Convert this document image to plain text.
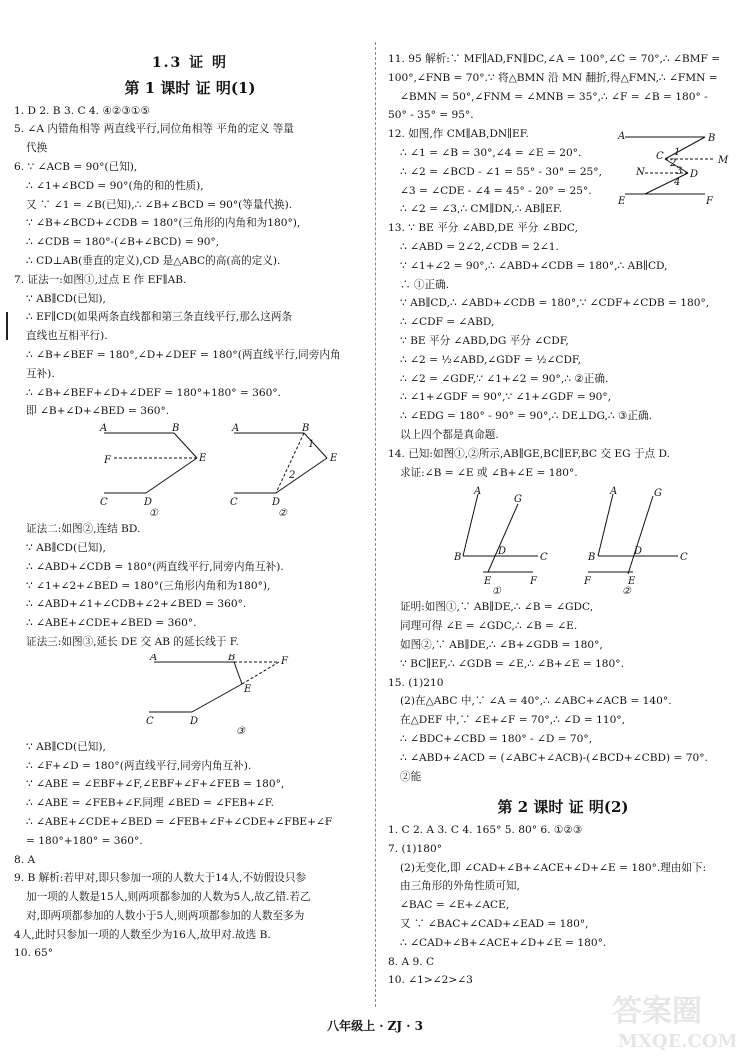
1.3 证 明
第 1 课时 证 明(1)
1. D 2. B 3. C 4. ④②③①⑤
5. ∠A 内错角相等 两直线平行,同位角相等 平角的定义 等量
代换
6. ∵ ∠ACB = 90°(已知),
∴ ∠1+∠BCD = 90°(角的和的性质),
又 ∵ ∠1 = ∠B(已知),∴ ∠B+∠BCD = 90°(等量代换).
∵ ∠B+∠BCD+∠CDB = 180°(三角形的内角和为180°),
∴ ∠CDB = 180°-(∠B+∠BCD) = 90°,
∴ CD⊥AB(垂直的定义),CD 是△ABC的高(高的定义).
7. 证法一:如图①,过点 E 作 EF∥AB.
∵ AB∥CD(已知),
∴ EF∥CD(如果两条直线都和第三条直线平行,那么这两条
直线也互相平行).
∴ ∠B+∠BEF = 180°,∠D+∠DEF = 180°(两直线平行,同旁内角
互补).
∴ ∠B+∠BEF+∠D+∠DEF = 180°+180° = 360°.
即 ∠B+∠D+∠BED = 360°.
A	B
E
F
C	D
①
A	B
E
C	D
1
2
②
证法二:如图②,连结 BD.
∵ AB∥CD(已知),
∴ ∠ABD+∠CDB = 180°(两直线平行,同旁内角互补).
∵ ∠1+∠2+∠BED = 180°(三角形内角和为180°),
∴ ∠ABD+∠1+∠CDB+∠2+∠BED = 360°.
∴ ∠ABE+∠CDE+∠BED = 360°.
证法三:如图③,延长 DE 交 AB 的延长线于 F.
A	B	F
E
C	D
③
∵ AB∥CD(已知),
∴ ∠F+∠D = 180°(两直线平行,同旁内角互补).
∵ ∠ABE = ∠EBF+∠F,∠EBF+∠F+∠FEB = 180°,
∴ ∠ABE = ∠FEB+∠F.同理 ∠BED = ∠FEB+∠F.
∴ ∠ABE+∠CDE+∠BED = ∠FEB+∠F+∠CDE+∠FBE+∠F
= 180°+180° = 360°.
8. A
9. B 解析:若甲对,即只参加一项的人数大于14人,不妨假设只参
加一项的人数是15人,则两项都参加的人数为5人,故乙错.若乙
对,即两项都参加的人数小于5人,则两项都参加的人数至多为
4人,此时只参加一项的人数至少为16人,故甲对.故选 B.
10. 65°
11. 95 解析:∵ MF∥AD,FN∥DC,∠A = 100°,∠C = 70°,∴ ∠BMF =
100°,∠FNB = 70°.∵ 将△BMN 沿 MN 翻折,得△FMN,∴ ∠FMN =
∠BMN = 50°,∠FNM = ∠MNB = 35°,∴ ∠F = ∠B = 180° -
50° - 35° = 95°.
12. 如图,作 CM∥AB,DN∥EF.
∴ ∠1 = ∠B = 30°,∠4 = ∠E = 20°.
∴ ∠2 = ∠BCD - ∠1 = 55° - 30° = 25°,
∠3 = ∠CDE - ∠4 = 45° - 20° = 25°.
∴ ∠2 = ∠3,∴ CM∥DN,∴ AB∥EF.
A	B
C	M
N	D
E	F
1
2
3
4
13. ∵ BE 平分 ∠ABD,DE 平分 ∠BDC,
∴ ∠ABD = 2∠2,∠CDB = 2∠1.
∵ ∠1+∠2 = 90°,∴ ∠ABD+∠CDB = 180°,∴ AB∥CD,
∴ ①正确.
∵ AB∥CD,∴ ∠ABD+∠CDB = 180°,∵ ∠CDF+∠CDB = 180°,
∴ ∠CDF = ∠ABD,
∵ BE 平分 ∠ABD,DG 平分 ∠CDF,
∴ ∠2 = ½∠ABD,∠GDF = ½∠CDF,
∴ ∠2 = ∠GDF,∵ ∠1+∠2 = 90°,∴ ②正确.
∴ ∠1+∠GDF = 90°,∵ ∠1+∠GDF = 90°,
∴ ∠EDG = 180° - 90° = 90°,∴ DE⊥DG,∴ ③正确.
以上四个都是真命题.
14. 已知:如图①,②所示,AB∥GE,BC∥EF,BC 交 EG 于点 D.
求证:∠B = ∠E 或 ∠B+∠E = 180°.
A
B
G
D
C
E	F
①
A
B
G
D
C
F	E
②
证明:如图①,∵ AB∥DE,∴ ∠B = ∠GDC,
同理可得 ∠E = ∠GDC,∴ ∠B = ∠E.
如图②,∵ AB∥DE,∴ ∠B+∠GDB = 180°,
∵ BC∥EF,∴ ∠GDB = ∠E,∴ ∠B+∠E = 180°.
15. (1)210
(2)在△ABC 中,∵ ∠A = 40°,∴ ∠ABC+∠ACB = 140°.
在△DEF 中,∵ ∠E+∠F = 70°,∴ ∠D = 110°,
∴ ∠BDC+∠CBD = 180° - ∠D = 70°,
∴ ∠ABD+∠ACD = (∠ABC+∠ACB)-(∠BCD+∠CBD) = 70°.
②能
第 2 课时 证 明(2)
1. C 2. A 3. C 4. 165° 5. 80° 6. ①②③
7. (1)180°
(2)无变化,即 ∠CAD+∠B+∠ACE+∠D+∠E = 180°.理由如下:
由三角形的外角性质可知,
∠BAC = ∠E+∠ACE,
又 ∵ ∠BAC+∠CAD+∠EAD = 180°,
∴ ∠CAD+∠B+∠ACE+∠D+∠E = 180°.
8. A 9. C
10. ∠1>∠2>∠3
八年级上 · ZJ · 3	答案圈
MXQE.COM
